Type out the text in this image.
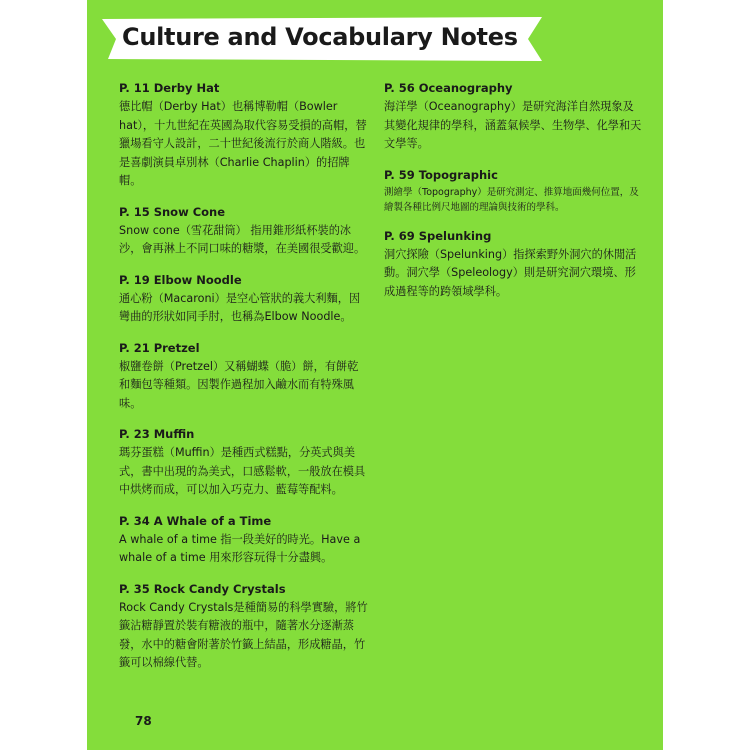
Culture and Vocabulary Notes
P. 11 Derby Hat
德比帽（Derby Hat）也稱博勒帽（Bowler hat），十九世紀在英國為取代容易受損的高帽，替獵場看守人設計，二十世紀後流行於商人階級。也是喜劇演員卓別林（Charlie Chaplin）的招牌帽。
P. 15 Snow Cone
Snow cone（雪花甜筒） 指用錐形紙杯裝的冰沙，會再淋上不同口味的糖漿，在美國很受歡迎。
P. 19 Elbow Noodle
通心粉（Macaroni）是空心管狀的義大利麵，因彎曲的形狀如同手肘，也稱為Elbow Noodle。
P. 21 Pretzel
椒鹽卷餅（Pretzel）又稱蝴蝶（脆）餅，有餅乾和麵包等種類。因製作過程加入鹼水而有特殊風味。
P. 23 Muffin
瑪芬蛋糕（Muffin）是種西式糕點，分英式與美式，書中出現的為美式，口感鬆軟，一般放在模具中烘烤而成，可以加入巧克力、藍莓等配料。
P. 34 A Whale of a Time
A whale of a time 指一段美好的時光。Have a whale of a time 用來形容玩得十分盡興。
P. 35 Rock Candy Crystals
Rock Candy Crystals是種簡易的科學實驗，將竹籤沾糖靜置於裝有糖液的瓶中，隨著水分逐漸蒸發，水中的糖會附著於竹籤上結晶，形成糖晶，竹籤可以棉線代替。
P. 56 Oceanography
海洋學（Oceanography）是研究海洋自然現象及其變化規律的學科，涵蓋氣候學、生物學、化學和天文學等。
P. 59 Topographic
測繪學（Topography）是研究測定、推算地面幾何位置，及繪製各種比例尺地圖的理論與技術的學科。
P. 69 Spelunking
洞穴探險（Spelunking）指探索野外洞穴的休閒活動。洞穴學（Speleology）則是研究洞穴環境、形成過程等的跨領域學科。
78
